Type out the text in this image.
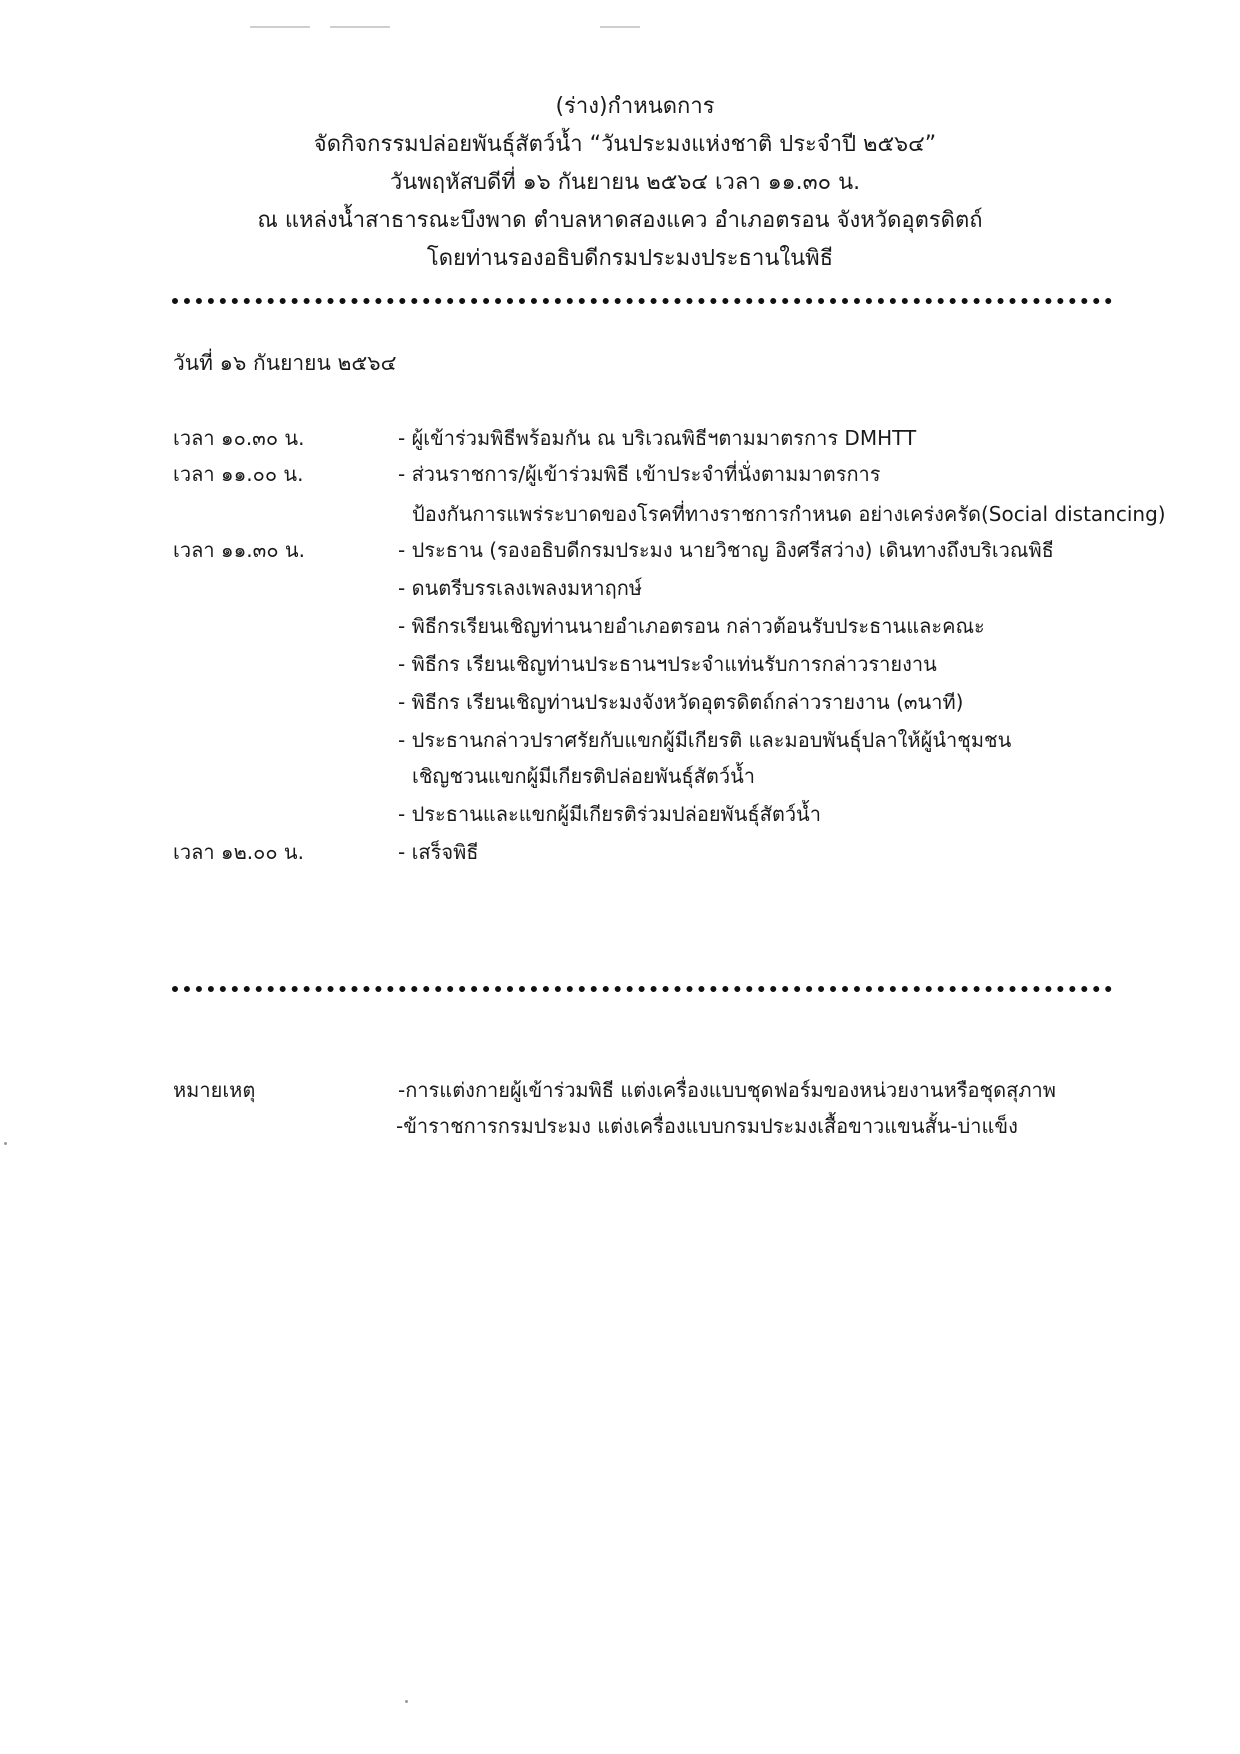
(ร่าง)กำหนดการ
จัดกิจกรรมปล่อยพันธุ์สัตว์น้ำ “วันประมงแห่งชาติ ประจำปี ๒๕๖๔”
วันพฤหัสบดีที่ ๑๖ กันยายน ๒๕๖๔ เวลา ๑๑.๓๐ น.
ณ แหล่งน้ำสาธารณะบึงพาด ตำบลหาดสองแคว อำเภอตรอน จังหวัดอุตรดิตถ์
โดยท่านรองอธิบดีกรมประมงประธานในพิธี
วันที่ ๑๖ กันยายน ๒๕๖๔
เวลา ๑๐.๓๐ น.	- ผู้เข้าร่วมพิธีพร้อมกัน ณ บริเวณพิธีฯตามมาตรการ DMHTT
เวลา ๑๑.๐๐ น.	- ส่วนราชการ/ผู้เข้าร่วมพิธี เข้าประจำที่นั่งตามมาตรการ
ป้องกันการแพร่ระบาดของโรคที่ทางราชการกำหนด อย่างเคร่งครัด(Social distancing)
เวลา ๑๑.๓๐ น.	- ประธาน (รองอธิบดีกรมประมง นายวิชาญ อิงศรีสว่าง) เดินทางถึงบริเวณพิธี
- ดนตรีบรรเลงเพลงมหาฤกษ์
- พิธีกรเรียนเชิญท่านนายอำเภอตรอน กล่าวต้อนรับประธานและคณะ
- พิธีกร เรียนเชิญท่านประธานฯประจำแท่นรับการกล่าวรายงาน
- พิธีกร เรียนเชิญท่านประมงจังหวัดอุตรดิตถ์กล่าวรายงาน (๓นาที)
- ประธานกล่าวปราศรัยกับแขกผู้มีเกียรติ และมอบพันธุ์ปลาให้ผู้นำชุมชน
เชิญชวนแขกผู้มีเกียรติปล่อยพันธุ์สัตว์น้ำ
- ประธานและแขกผู้มีเกียรติร่วมปล่อยพันธุ์สัตว์น้ำ
เวลา ๑๒.๐๐ น.	- เสร็จพิธี
หมายเหตุ	-การแต่งกายผู้เข้าร่วมพิธี แต่งเครื่องแบบชุดฟอร์มของหน่วยงานหรือชุดสุภาพ
-ข้าราชการกรมประมง แต่งเครื่องแบบกรมประมงเสื้อขาวแขนสั้น-บ่าแข็ง
